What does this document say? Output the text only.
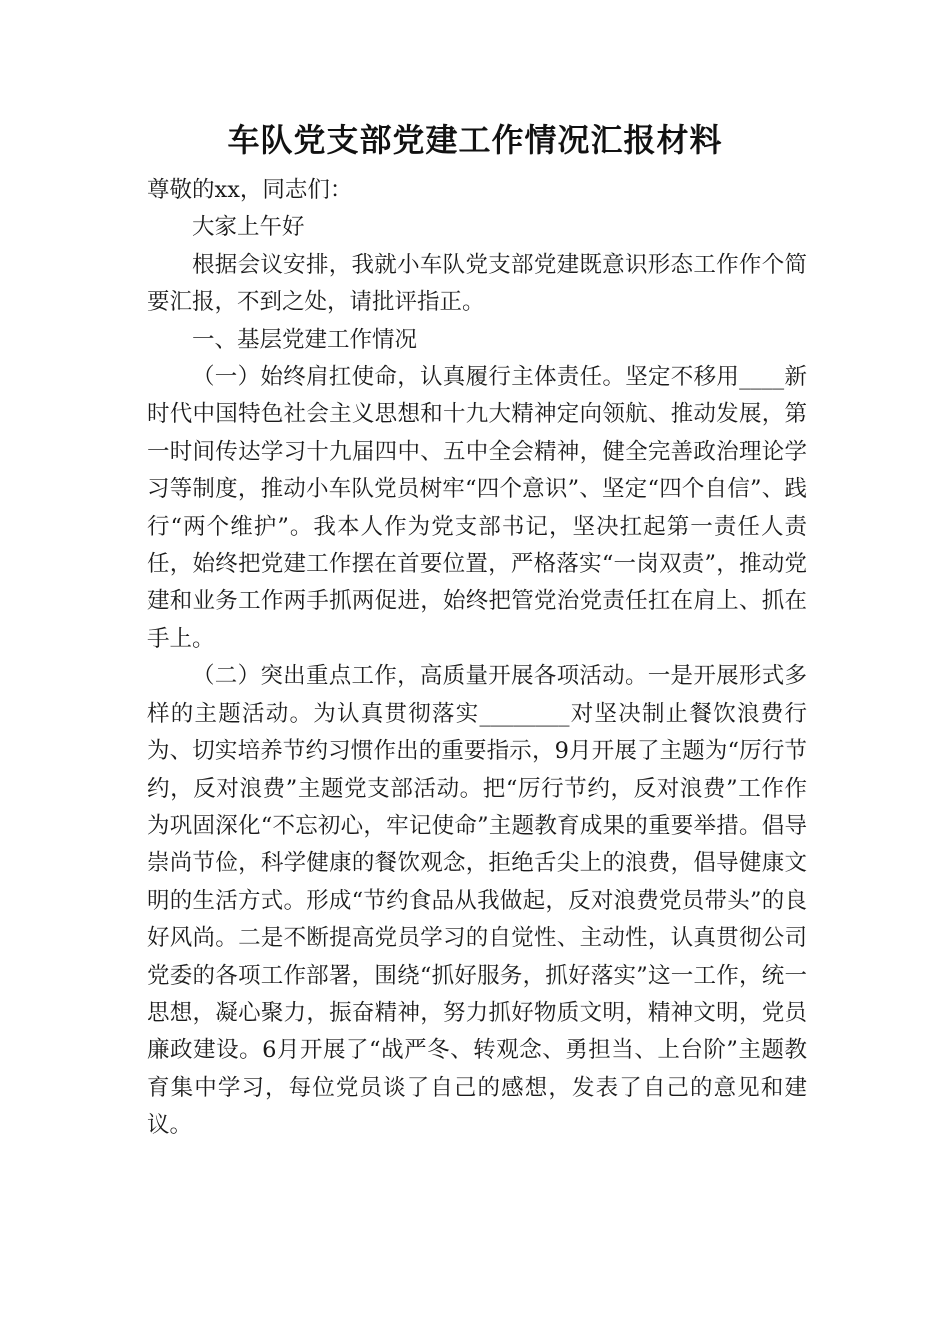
车队党支部党建工作情况汇报材料

尊敬的xx，同志们：

大家上午好

根据会议安排，我就小车队党支部党建既意识形态工作作个简要汇报，不到之处，请批评指正。

一、基层党建工作情况

（一）始终肩扛使命，认真履行主体责任。坚定不移用____新时代中国特色社会主义思想和十九大精神定向领航、推动发展，第一时间传达学习十九届四中、五中全会精神，健全完善政治理论学习等制度，推动小车队党员树牢“四个意识”、坚定“四个自信”、践行“两个维护”。我本人作为党支部书记，坚决扛起第一责任人责任，始终把党建工作摆在首要位置，严格落实“一岗双责”，推动党建和业务工作两手抓两促进，始终把管党治党责任扛在肩上、抓在手上。

（二）突出重点工作，高质量开展各项活动。一是开展形式多样的主题活动。为认真贯彻落实________对坚决制止餐饮浪费行为、切实培养节约习惯作出的重要指示，9月开展了主题为“厉行节约，反对浪费”主题党支部活动。把“厉行节约，反对浪费”工作作为巩固深化“不忘初心，牢记使命”主题教育成果的重要举措。倡导崇尚节俭，科学健康的餐饮观念，拒绝舌尖上的浪费，倡导健康文明的生活方式。形成“节约食品从我做起，反对浪费党员带头”的良好风尚。二是不断提高党员学习的自觉性、主动性，认真贯彻公司党委的各项工作部署，围绕“抓好服务，抓好落实”这一工作，统一思想，凝心聚力，振奋精神，努力抓好物质文明，精神文明，党员廉政建设。6月开展了“战严冬、转观念、勇担当、上台阶”主题教育集中学习，每位党员谈了自己的感想，发表了自己的意见和建议。
